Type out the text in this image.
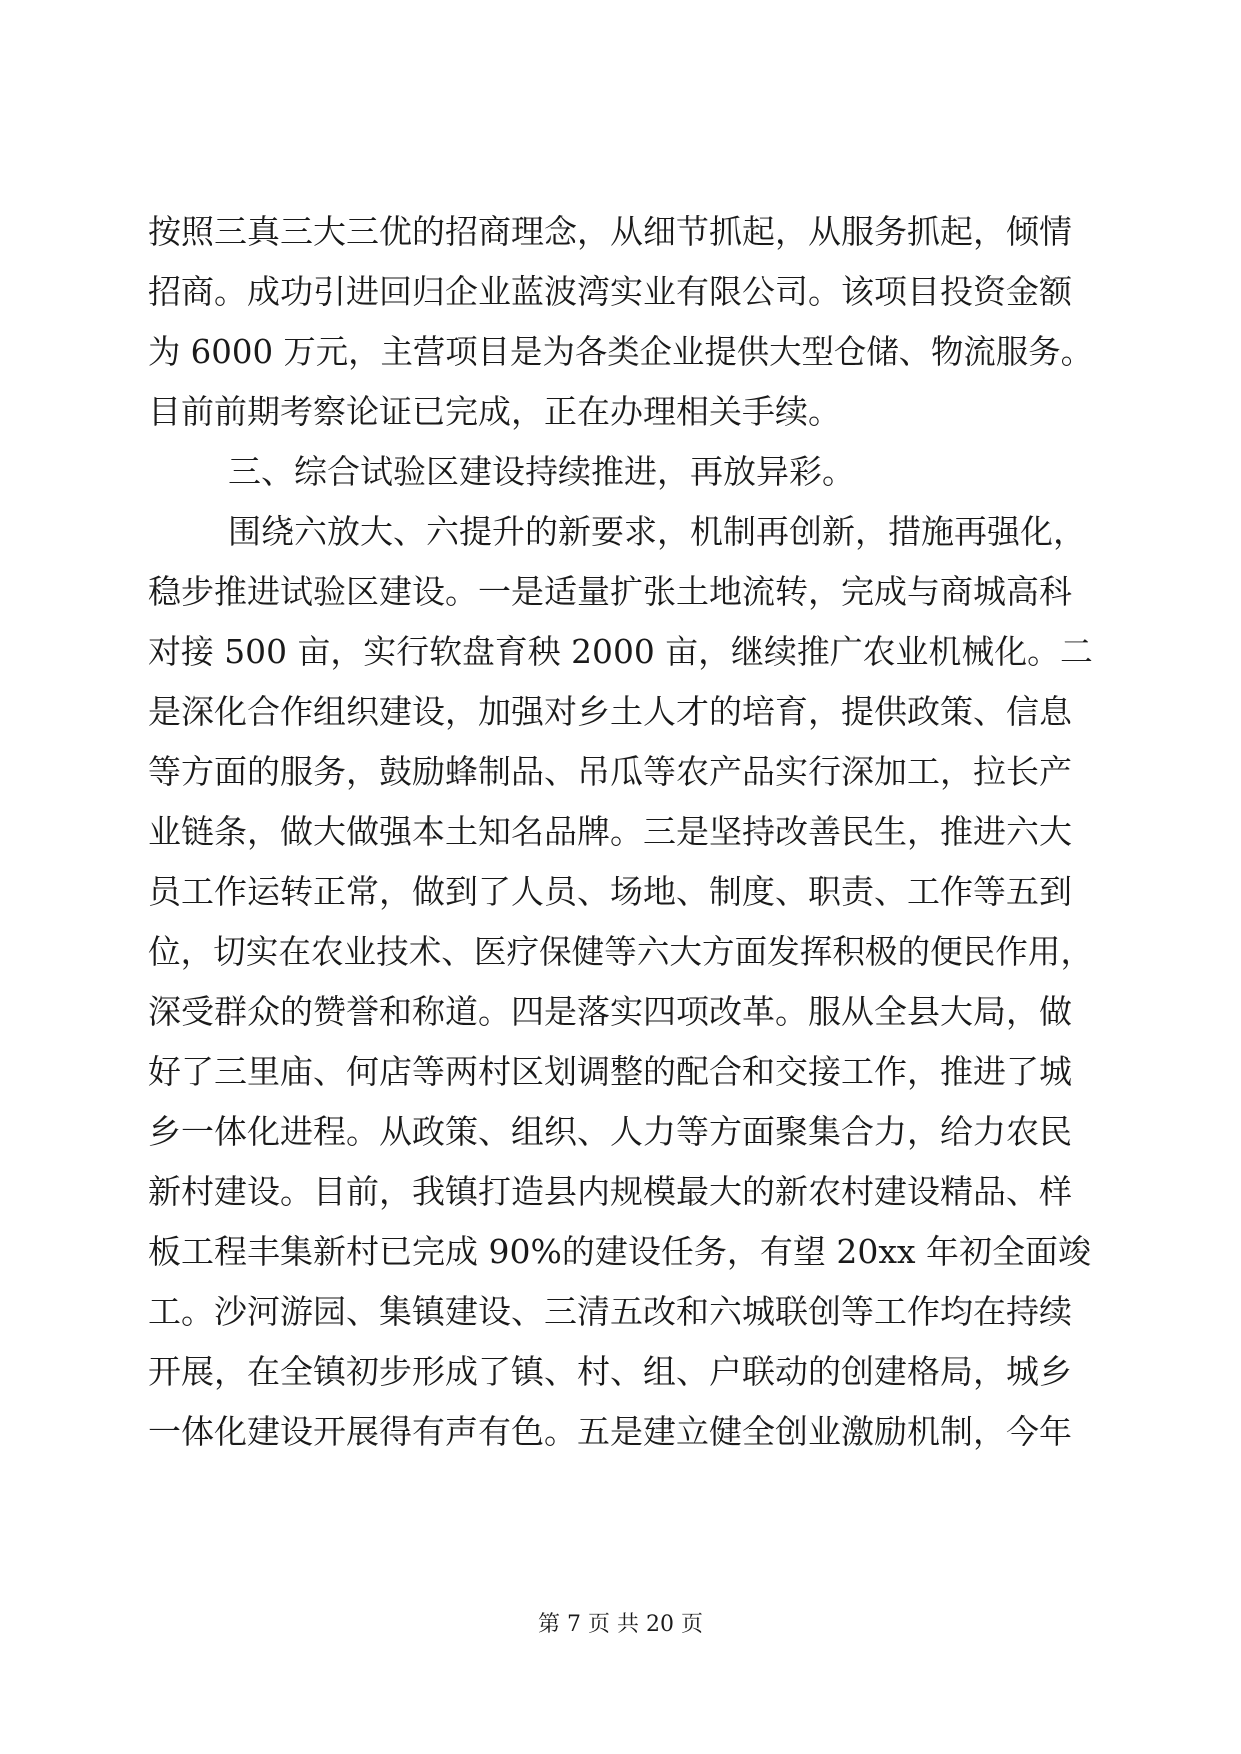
按照三真三大三优的招商理念，从细节抓起，从服务抓起，倾情
招商。成功引进回归企业蓝波湾实业有限公司。该项目投资金额
为 6000 万元，主营项目是为各类企业提供大型仓储、物流服务。
目前前期考察论证已完成，正在办理相关手续。
三、综合试验区建设持续推进，再放异彩。
围绕六放大、六提升的新要求，机制再创新，措施再强化，
稳步推进试验区建设。一是适量扩张土地流转，完成与商城高科
对接 500 亩，实行软盘育秧 2000 亩，继续推广农业机械化。二
是深化合作组织建设，加强对乡土人才的培育，提供政策、信息
等方面的服务，鼓励蜂制品、吊瓜等农产品实行深加工，拉长产
业链条，做大做强本土知名品牌。三是坚持改善民生，推进六大
员工作运转正常，做到了人员、场地、制度、职责、工作等五到
位，切实在农业技术、医疗保健等六大方面发挥积极的便民作用，
深受群众的赞誉和称道。四是落实四项改革。服从全县大局，做
好了三里庙、何店等两村区划调整的配合和交接工作，推进了城
乡一体化进程。从政策、组织、人力等方面聚集合力，给力农民
新村建设。目前，我镇打造县内规模最大的新农村建设精品、样
板工程丰集新村已完成 90%的建设任务，有望 20xx 年初全面竣
工。沙河游园、集镇建设、三清五改和六城联创等工作均在持续
开展，在全镇初步形成了镇、村、组、户联动的创建格局，城乡
一体化建设开展得有声有色。五是建立健全创业激励机制，今年
第 7 页 共 20 页
